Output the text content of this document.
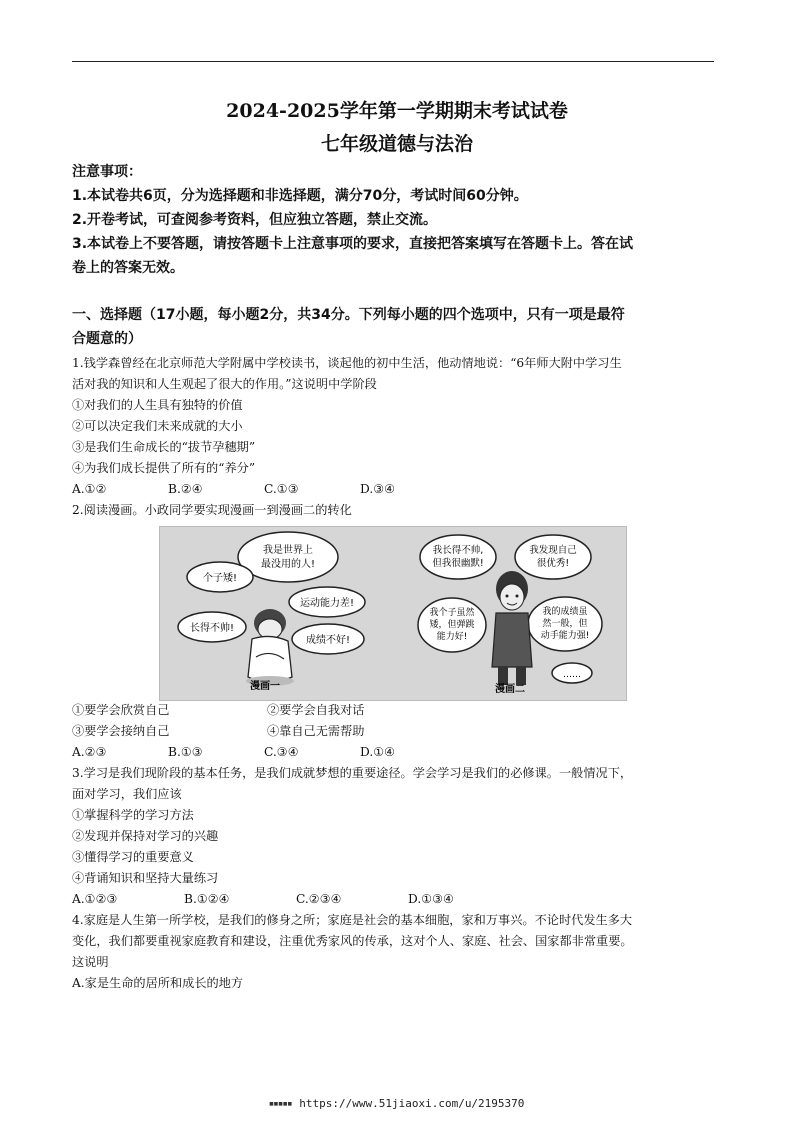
2024-2025学年第一学期期末考试试卷
七年级道德与法治
注意事项：
1.本试卷共6页，分为选择题和非选择题，满分70分，考试时间60分钟。
2.开卷考试，可查阅参考资料，但应独立答题，禁止交流。
3.本试卷上不要答题，请按答题卡上注意事项的要求，直接把答案填写在答题卡上。答在试
卷上的答案无效。
一、选择题（17小题，每小题2分，共34分。下列每小题的四个选项中，只有一项是最符
合题意的）
1.钱学森曾经在北京师范大学附属中学校读书，谈起他的初中生活，他动情地说：“6年师大附中学习生
活对我的知识和人生观起了很大的作用。”这说明中学阶段
①对我们的人生具有独特的价值
②可以决定我们未来成就的大小
③是我们生命成长的“拔节孕穗期”
④为我们成长提供了所有的“养分”
A.①②	B.②④	C.①③	D.③④
2.阅读漫画。小政同学要实现漫画一到漫画二的转化
我是世界上
最没用的人!
个子矮!
运动能力差!
长得不帅!
成绩不好!
漫画一
我长得不帅,
但我很幽默!
我发现自己
很优秀!
我个子虽然
矮，但弹跳
能力好!
我的成绩虽
然一般，但
动手能力强!
……
漫画二
①要学会欣赏自己	②要学会自我对话
③要学会接纳自己	④靠自己无需帮助
A.②③	B.①③	C.③④	D.①④
3.学习是我们现阶段的基本任务，是我们成就梦想的重要途径。学会学习是我们的必修课。一般情况下，
面对学习，我们应该
①掌握科学的学习方法
②发现并保持对学习的兴趣
③懂得学习的重要意义
④背诵知识和坚持大量练习
A.①②③	B.①②④	C.②③④	D.①③④
4.家庭是人生第一所学校，是我们的修身之所；家庭是社会的基本细胞，家和万事兴。不论时代发生多大
变化，我们都要重视家庭教育和建设，注重优秀家风的传承，这对个人、家庭、社会、国家都非常重要。
这说明
A.家是生命的居所和成长的地方
■■■■■ https://www.51jiaoxi.com/u/2195370
